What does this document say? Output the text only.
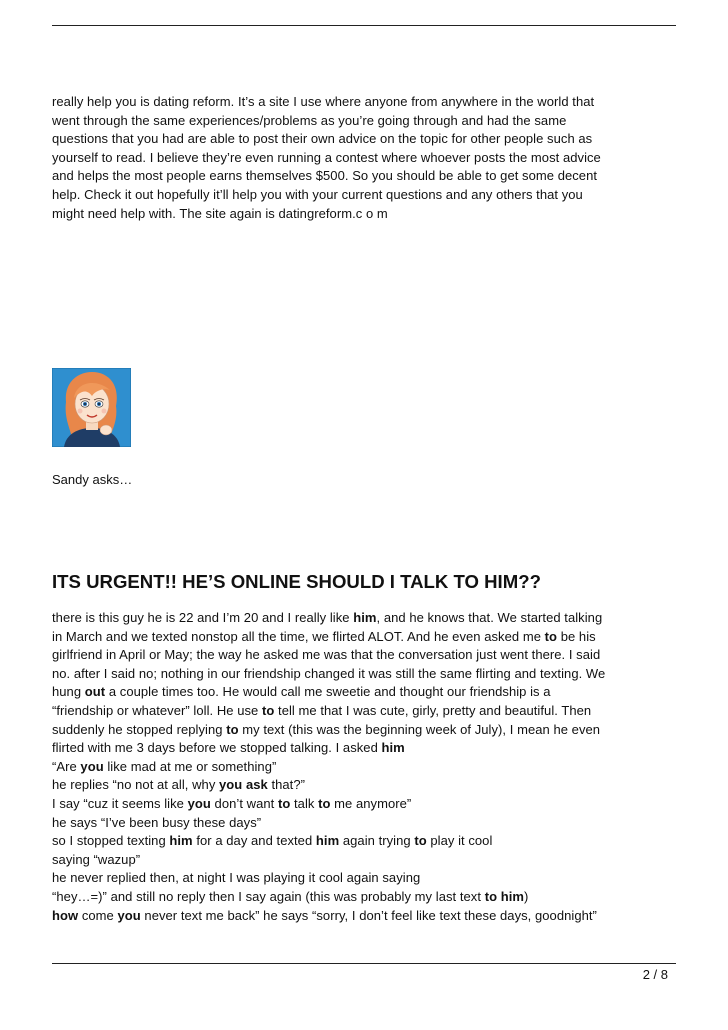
really help you is dating reform. It’s a site I use where anyone from anywhere in the world that
went through the same experiences/problems as you’re going through and had the same
questions that you had are able to post their own advice on the topic for other people such as
yourself to read. I believe they’re even running a contest where whoever posts the most advice
and helps the most people earns themselves $500. So you should be able to get some decent
help. Check it out hopefully it’ll help you with your current questions and any others that you
might need help with. The site again is datingreform.c o m

Sandy asks…

ITS URGENT!! HE’S ONLINE SHOULD I TALK TO HIM??

there is this guy he is 22 and I’m 20 and I really like him, and he knows that. We started talking
in March and we texted nonstop all the time, we flirted ALOT. And he even asked me to be his
girlfriend in April or May; the way he asked me was that the conversation just went there. I said
no. after I said no; nothing in our friendship changed it was still the same flirting and texting. We
hung out a couple times too. He would call me sweetie and thought our friendship is a
“friendship or whatever” loll. He use to tell me that I was cute, girly, pretty and beautiful. Then
suddenly he stopped replying to my text (this was the beginning week of July), I mean he even
flirted with me 3 days before we stopped talking. I asked him
“Are you like mad at me or something”
he replies “no not at all, why you ask that?”
I say “cuz it seems like you don’t want to talk to me anymore”
he says “I’ve been busy these days”
so I stopped texting him for a day and texted him again trying to play it cool
saying “wazup”
he never replied then, at night I was playing it cool again saying
“hey…=)” and still no reply then I say again (this was probably my last text to him)
how come you never text me back” he says “sorry, I don’t feel like text these days, goodnight”

2 / 8
